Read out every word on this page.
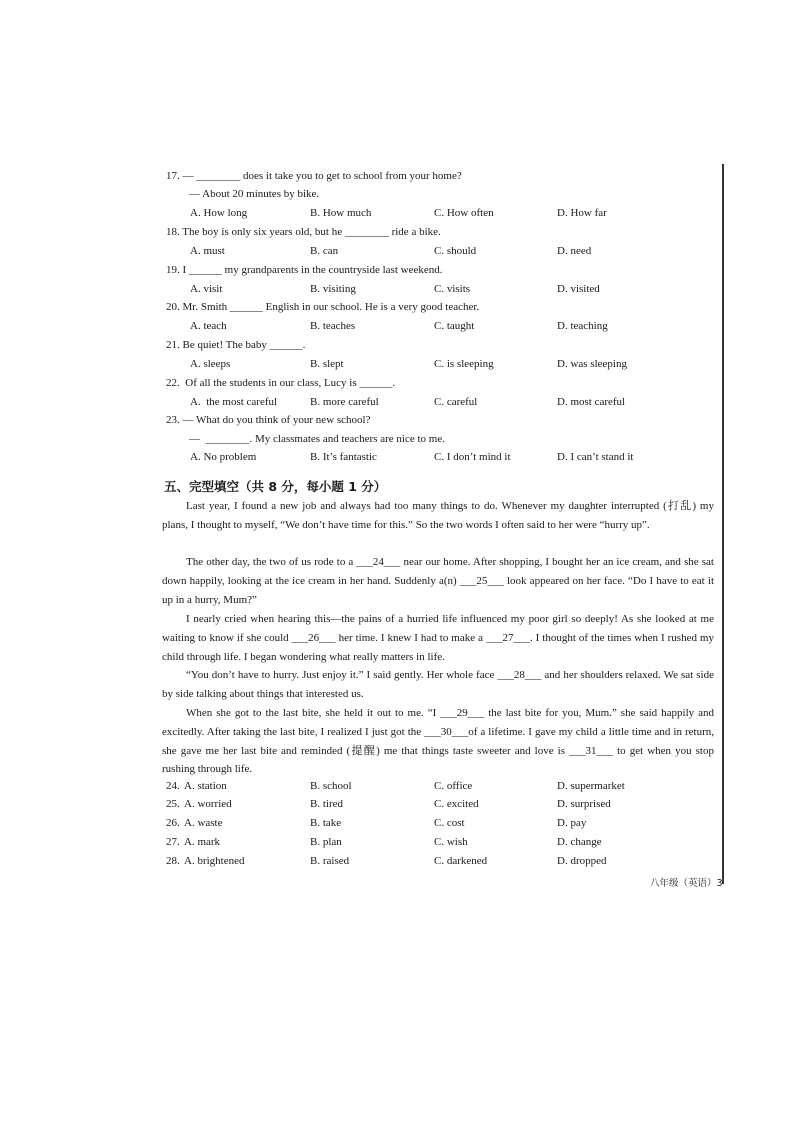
17. — ________ does it take you to get to school from your home?
— About 20 minutes by bike.
A. How long	B. How much	C. How often	D. How far
18. The boy is only six years old, but he ________ ride a bike.
A. must	B. can	C. should	D. need
19. I ______ my grandparents in the countryside last weekend.
A. visit	B. visiting	C. visits	D. visited
20. Mr. Smith ______ English in our school. He is a very good teacher.
A. teach	B. teaches	C. taught	D. teaching
21. Be quiet! The baby ______.
A. sleeps	B. slept	C. is sleeping	D. was sleeping
22.  Of all the students in our class, Lucy is ______.
A.  the most careful	B. more careful	C. careful	D. most careful
23. — What do you think of your new school?
—  ________. My classmates and teachers are nice to me.
A. No problem	B. It’s fantastic	C. I don’t mind it	D. I can’t stand it
五、完型填空（共 8 分，每小题 1 分）
Last year, I found a new job and always had too many things to do. Whenever my daughter interrupted (打乱) my plans, I thought to myself, “We don’t have time for this.” So the two words I often said to her were “hurry up”.
The other day, the two of us rode to a ___24___ near our home. After shopping, I bought her an ice cream, and she sat down happily, looking at the ice cream in her hand. Suddenly a(n) ___25___ look appeared on her face. “Do I have to eat it up in a hurry, Mum?”
I nearly cried when hearing this—the pains of a hurried life influenced my poor girl so deeply! As she looked at me waiting to know if she could ___26___ her time. I knew I had to make a ___27___. I thought of the times when I rushed my child through life. I began wondering what really matters in life.
“You don’t have to hurry. Just enjoy it.” I said gently. Her whole face ___28___ and her shoulders relaxed. We sat side by side talking about things that interested us.
When she got to the last bite, she held it out to me. “I ___29___ the last bite for you, Mum.” she said happily and excitedly. After taking the last bite, I realized I just got the ___30___of a lifetime. I gave my child a little time and in return, she gave me her last bite and reminded (提醒) me that things taste sweeter and love is ___31___ to get when you stop rushing through life.
24. A. station	B. school	C. office	D. supermarket
25. A. worried	B. tired	C. excited	D. surprised
26. A. waste	B. take	C. cost	D. pay
27. A. mark	B. plan	C. wish	D. change
28. A. brightened	B. raised	C. darkened	D. dropped
八年级（英语）3
